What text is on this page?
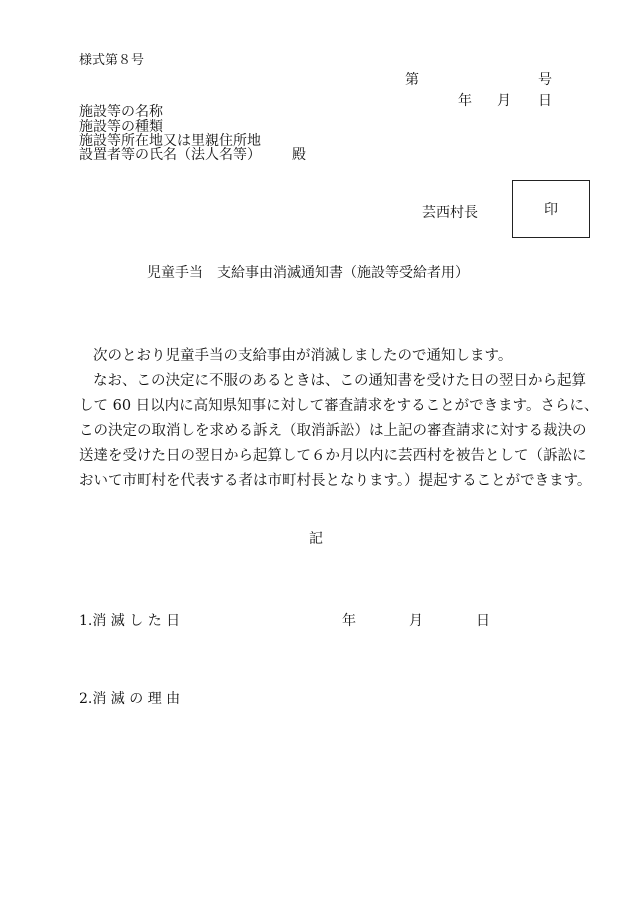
様式第８号
第	号
年 月 日
施設等の名称
施設等の種類
施設等所在地又は里親住所地
設置者等の氏名（法人名等） 殿
芸西村長	印
児童手当　支給事由消滅通知書（施設等受給者用）
次のとおり児童手当の支給事由が消滅しましたので通知します。
なお、この決定に不服のあるときは、この通知書を受けた日の翌日から起算
して 60 日以内に高知県知事に対して審査請求をすることができます。さらに、
この決定の取消しを求める訴え（取消訴訟）は上記の審査請求に対する裁決の
送達を受けた日の翌日から起算して６か月以内に芸西村を被告として（訴訟に
おいて市町村を代表する者は市町村長となります。）提起することができます。
記
1.消 滅 し た 日	年	月	日
2.消 滅 の 理 由
